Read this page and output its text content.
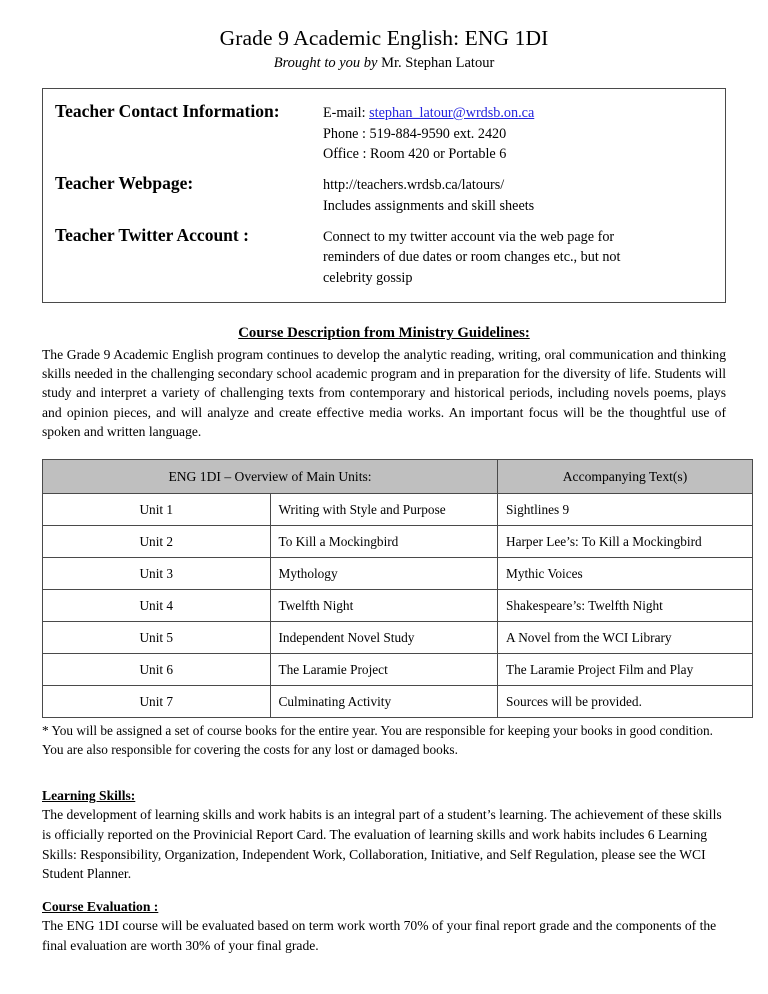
Grade 9 Academic English: ENG 1DI
Brought to you by Mr. Stephan Latour
Teacher Contact Information:	E-mail: stephan_latour@wrdsb.on.ca
Phone : 519-884-9590 ext. 2420
Office : Room 420 or Portable 6
Teacher Webpage:	http://teachers.wrdsb.ca/latours/
Includes assignments and skill sheets
Teacher Twitter Account :	Connect to my twitter account via the web page for
reminders of due dates or room changes etc., but not
celebrity gossip
Course Description from Ministry Guidelines:

The Grade 9 Academic English program continues to develop the analytic reading, writing, oral communication and thinking skills needed in the challenging secondary school academic program and in preparation for the diversity of life. Students will study and interpret a variety of challenging texts from contemporary and historical periods, including novels poems, plays and opinion pieces, and will analyze and create effective media works. An important focus will be the thoughtful use of spoken and written language.

ENG 1DI – Overview of Main Units:		Accompanying Text(s)
Unit 1	Writing with Style and Purpose	Sightlines 9
Unit 2	To Kill a Mockingbird	Harper Lee’s: To Kill a Mockingbird
Unit 3	Mythology	Mythic Voices
Unit 4	Twelfth Night	Shakespeare’s: Twelfth Night
Unit 5	Independent Novel Study	A Novel from the WCI Library
Unit 6	The Laramie Project	The Laramie Project Film and Play
Unit 7	Culminating Activity	Sources will be provided.

* You will be assigned a set of course books for the entire year. You are responsible for keeping your books in good condition. You are also responsible for covering the costs for any lost or damaged books.

Learning Skills:

The development of learning skills and work habits is an integral part of a student’s learning. The achievement of these skills is officially reported on the Provinicial Report Card. The evaluation of learning skills and work habits includes 6 Learning Skills: Responsibility, Organization, Independent Work, Collaboration, Initiative, and Self Regulation, please see the WCI Student Planner.

Course Evaluation :

The ENG 1DI course will be evaluated based on term work worth 70% of your final report grade and the components of the final evaluation are worth 30% of your final grade.
